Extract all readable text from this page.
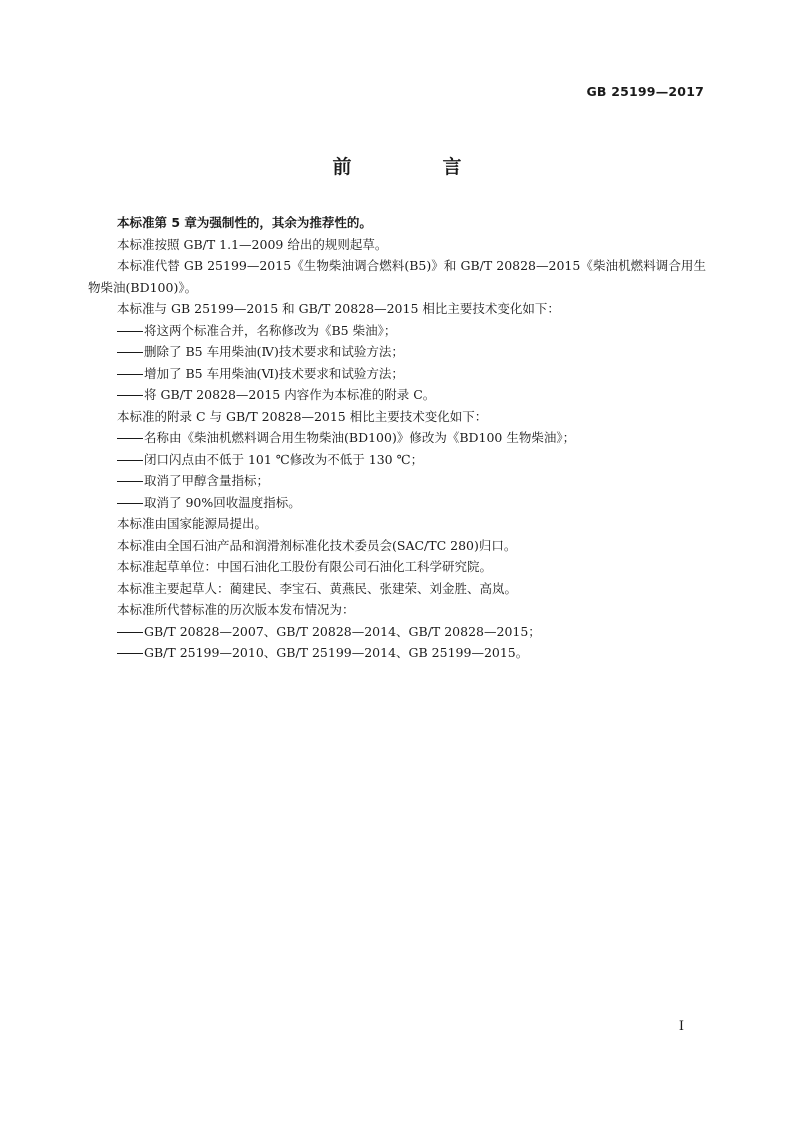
GB 25199—2017
前　言

本标准第 5 章为强制性的，其余为推荐性的。

本标准按照 GB/T 1.1—2009 给出的规则起草。

本标准代替 GB 25199—2015《生物柴油调合燃料(B5)》和 GB/T 20828—2015《柴油机燃料调合用生物柴油(BD100)》。

本标准与 GB 25199—2015 和 GB/T 20828—2015 相比主要技术变化如下：

将这两个标准合并，名称修改为《B5 柴油》；

删除了 B5 车用柴油(Ⅳ)技术要求和试验方法；

增加了 B5 车用柴油(Ⅵ)技术要求和试验方法；

将 GB/T 20828—2015 内容作为本标准的附录 C。

本标准的附录 C 与 GB/T 20828—2015 相比主要技术变化如下：

名称由《柴油机燃料调合用生物柴油(BD100)》修改为《BD100 生物柴油》；

闭口闪点由不低于 101 ℃修改为不低于 130 ℃；

取消了甲醇含量指标；

取消了 90%回收温度指标。

本标准由国家能源局提出。

本标准由全国石油产品和润滑剂标准化技术委员会(SAC/TC 280)归口。

本标准起草单位：中国石油化工股份有限公司石油化工科学研究院。

本标准主要起草人：蔺建民、李宝石、黄燕民、张建荣、刘金胜、高岚。

本标准所代替标准的历次版本发布情况为：

GB/T 20828—2007、GB/T 20828—2014、GB/T 20828—2015；

GB/T 25199—2010、GB/T 25199—2014、GB 25199—2015。

I
